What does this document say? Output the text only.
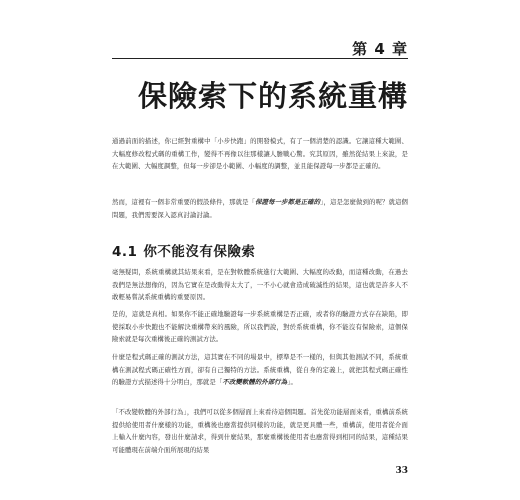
第 4 章
保險索下的系統重構

通過前面的描述，你已經對重構中「小步快跑」的開發模式，有了一個清楚的認識。它讓這種大範圍、大幅度修改程式碼的重構工作，變得不再像以往那樣讓人膽戰心驚。究其原因，雖然從結果上來說，是在大範圍、大幅度調整，但每一步卻是小範圍、小幅度的調整，並且能保證每一步都是正確的。

然而，這裡有一個非常重要的假設條件，那就是「保證每一步都是正確的」，這是怎麼做到的呢？就這個問題，我們需要深入認真討論討論。

4.1 你不能沒有保險索

毫無疑問，系統重構就其結果來看，是在對軟體系統進行大範圍、大幅度的改動，而這種改動，在過去我們是無法想像的，因為它實在是改動得太大了，一不小心就會造成破滅性的結果，這也就是許多人不敢輕易嘗試系統重構的重要原因。

是的，這就是真相。如果你不能正確地驗證每一步系統重構是否正確，或者你的驗證方式存在缺陷，即使採取小步快跑也不能解決重構帶來的風險，所以我們說，對於系統重構，你不能沒有保險索，這個保險索就是每次重構後正確的測試方法。

什麼是程式碼正確的測試方法，這其實在不同的場景中，標準是不一樣的，但與其他測試不同，系統重構在測試程式碼正確性方面，卻有自己獨特的方法。系統重構，從自身的定義上，就把其程式碼正確性的驗證方式描述得十分明白，那就是「不改變軟體的外部行為」。

「不改變軟體的外部行為」，我們可以從多個層面上來看待這個問題。首先從功能層面來看，重構前系統提供給使用者什麼樣的功能，重構後也應當提供同樣的功能，就是更具體一些，重構前，使用者從介面上輸入什麼內容，發出什麼請求，得到什麼結果，那麼重構後使用者也應當得到相同的結果，這種結果可能體現在前端介面所展現的結果

33
